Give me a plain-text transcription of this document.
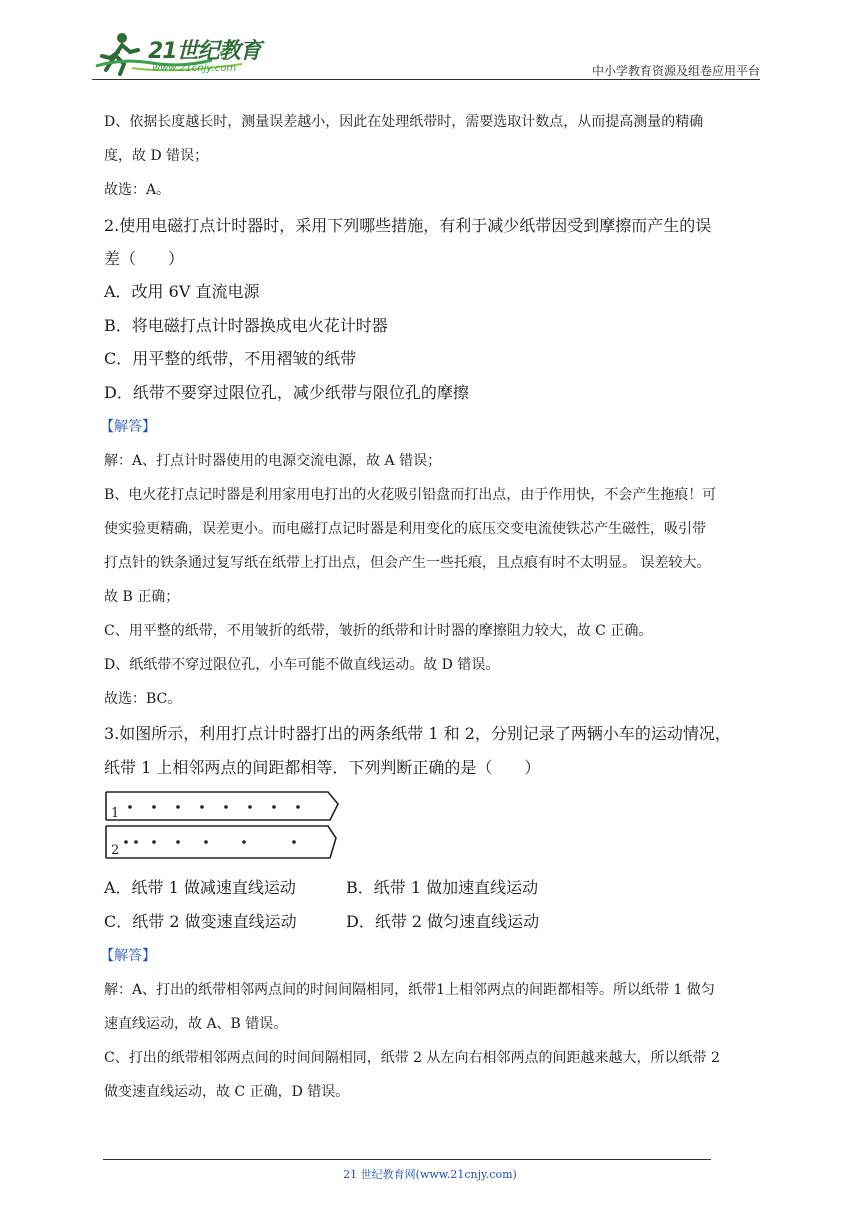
21世纪教育
www.21cnjy.com	中小学教育资源及组卷应用平台
D、依据长度越长时，测量误差越小，因此在处理纸带时，需要选取计数点，从而提高测量的精确
度，故 D 错误；
故选：A。
2.使用电磁打点计时器时，采用下列哪些措施，有利于减少纸带因受到摩擦而产生的误
差（　　）
A．改用 6V 直流电源
B．将电磁打点计时器换成电火花计时器
C．用平整的纸带，不用褶皱的纸带
D．纸带不要穿过限位孔，减少纸带与限位孔的摩擦
【解答】
解：A、打点计时器使用的电源交流电源，故 A 错误；
B、电火花打点记时器是利用家用电打出的火花吸引铅盘而打出点，由于作用快，不会产生拖痕！可
使实验更精确，误差更小。而电磁打点记时器是利用变化的底压交变电流使铁芯产生磁性，吸引带
打点针的铁条通过复写纸在纸带上打出点，但会产生一些托痕，且点痕有时不太明显。 误差较大。
故 B 正确；
C、用平整的纸带，不用皱折的纸带，皱折的纸带和计时器的摩擦阻力较大，故 C 正确。
D、纸纸带不穿过限位孔，小车可能不做直线运动。故 D 错误。
故选：BC。
3.如图所示，利用打点计时器打出的两条纸带 1 和 2，分别记录了两辆小车的运动情况，
纸带 1 上相邻两点的间距都相等．下列判断正确的是（　　）
1
2
A．纸带 1 做减速直线运动	B．纸带 1 做加速直线运动
C．纸带 2 做变速直线运动	D．纸带 2 做匀速直线运动
【解答】
解：A、打出的纸带相邻两点间的时间间隔相同，纸带1上相邻两点的间距都相等。所以纸带 1 做匀
速直线运动，故 A、B 错误。
C、打出的纸带相邻两点间的时间间隔相同，纸带 2 从左向右相邻两点的间距越来越大，所以纸带 2
做变速直线运动，故 C 正确，D 错误。
21 世纪教育网(www.21cnjy.com)
